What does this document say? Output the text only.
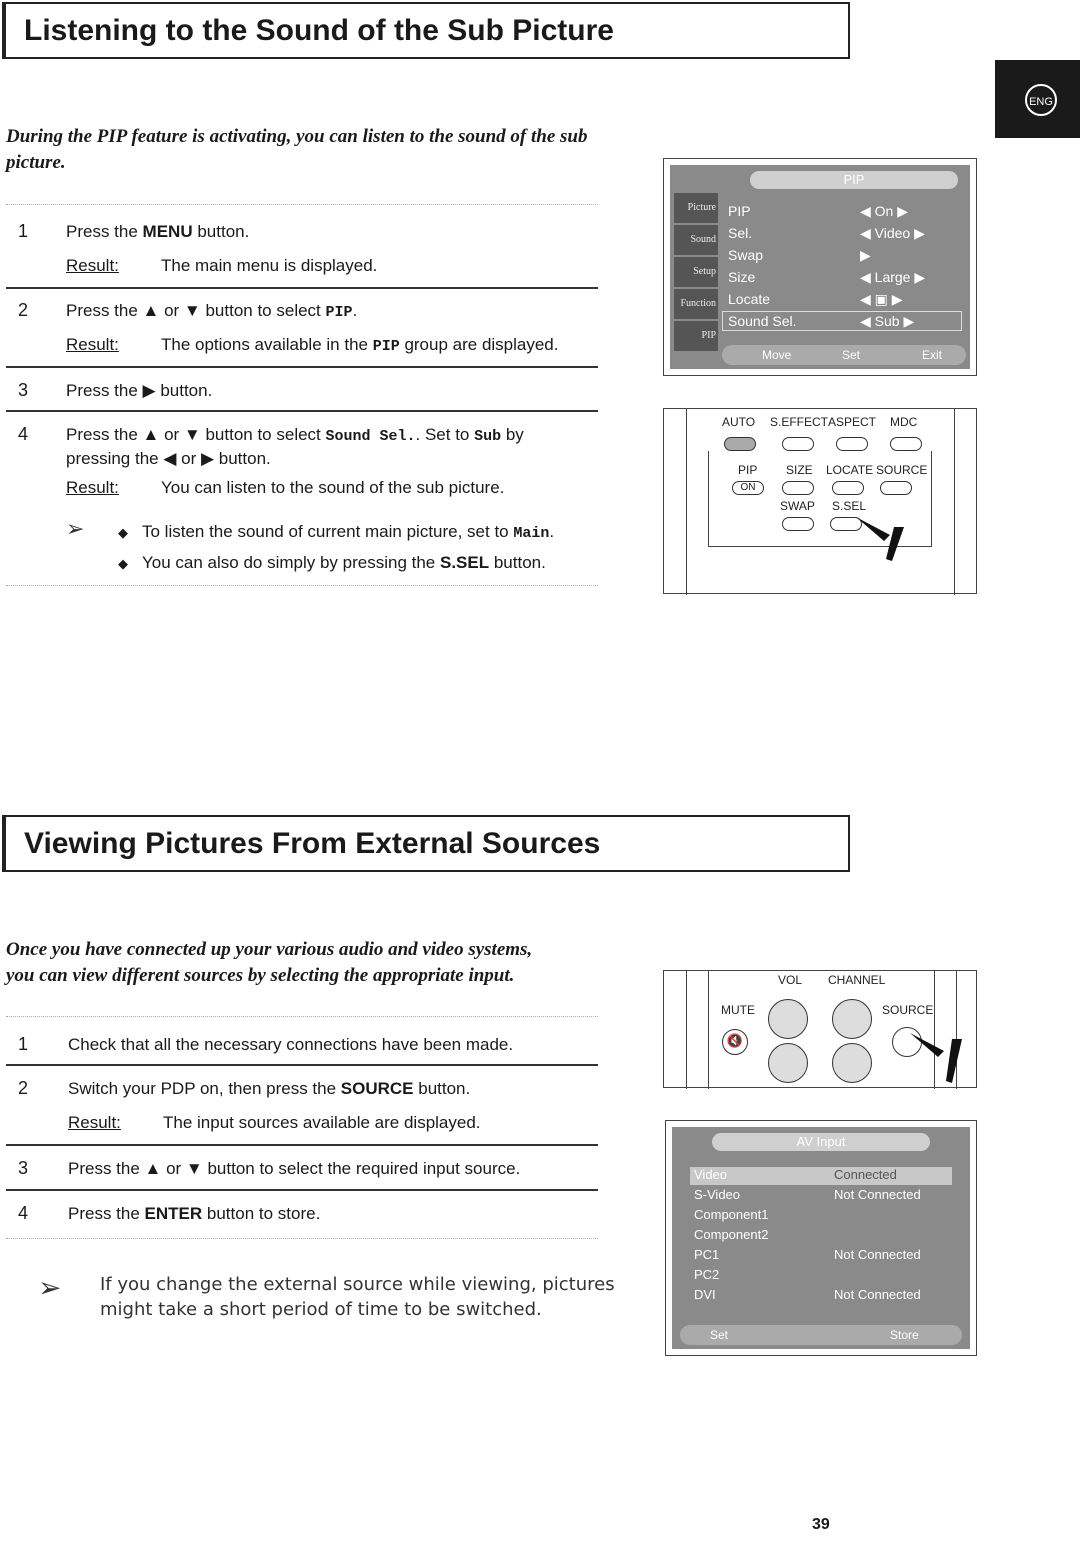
ENG
Listening to the Sound of the Sub Picture
During the PIP feature is activating, you can listen to the sound of the sub picture.
1 Press the MENU button.
Result: The main menu is displayed.
2 Press the ▲ or ▼ button to select PIP.
Result: The options available in the PIP group are displayed.
3 Press the ▶ button.
4 Press the ▲ or ▼ button to select Sound Sel.. Set to Sub by
pressing the ◀ or ▶ button.
Result: You can listen to the sound of the sub picture.
➢	◆ To listen the sound of current main picture, set to Main.
◆ You can also do simply by pressing the S.SEL button.
PIP
Picture
Sound
Setup
Function
PIP
PIP	◀ On ▶
Sel.	◀ Video ▶
Swap	▶
Size	◀ Large ▶
Locate	◀ ▣ ▶
Sound Sel.	◀ Sub ▶
Move	Set	Exit
AUTO S.EFFECT ASPECT MDC
PIP SIZE LOCATE SOURCE
ON
SWAP S.SEL
Viewing Pictures From External Sources
Once you have connected up your various audio and video systems,
you can view different sources by selecting the appropriate input.
1 Check that all the necessary connections have been made.
2 Switch your PDP on, then press the SOURCE button.
Result: The input sources available are displayed.
3 Press the ▲ or ▼ button to select the required input source.
4 Press the ENTER button to store.
➢ If you change the external source while viewing, pictures
might take a short period of time to be switched.
VOL CHANNEL
MUTE	SOURCE
🔇
AV Input
Video	Connected
S-Video	Not Connected
Component1
Component2
PC1	Not Connected
PC2
DVI	Not Connected
Set	Store
39
